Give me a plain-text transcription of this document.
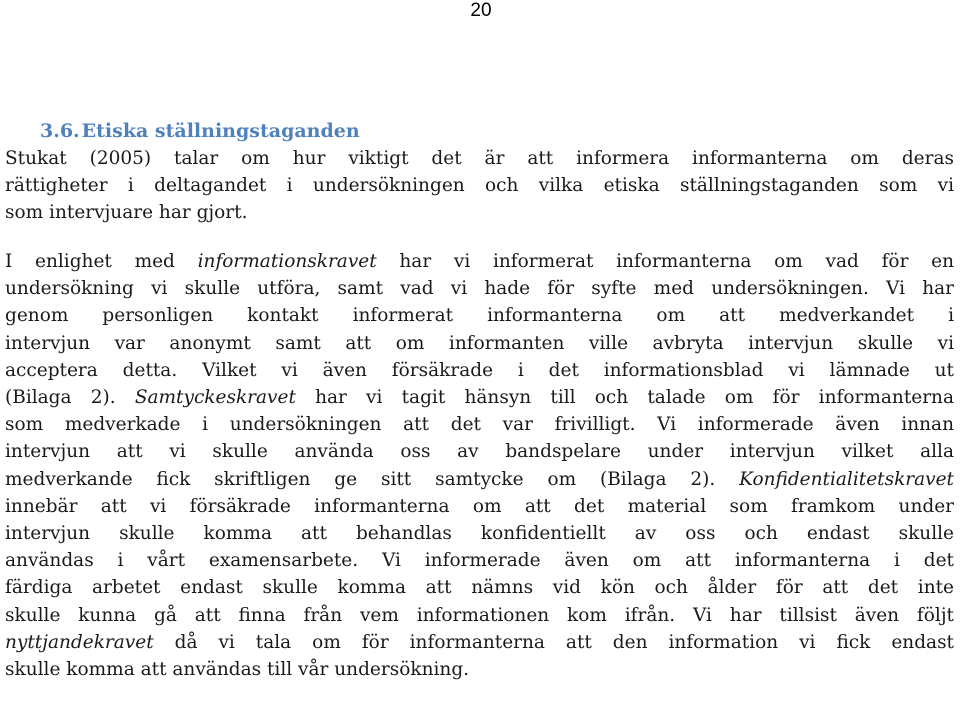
20
3.6. Etiska ställningstaganden
Stukat (2005) talar om hur viktigt det är att informera informanterna om deras
rättigheter i deltagandet i undersökningen och vilka etiska ställningstaganden som vi
som intervjuare har gjort.
I enlighet med informationskravet har vi informerat informanterna om vad för en
undersökning vi skulle utföra, samt vad vi hade för syfte med undersökningen. Vi har
genom personligen kontakt informerat informanterna om att medverkandet i
intervjun var anonymt samt att om informanten ville avbryta intervjun skulle vi
acceptera detta. Vilket vi även försäkrade i det informationsblad vi lämnade ut
(Bilaga 2). Samtyckeskravet har vi tagit hänsyn till och talade om för informanterna
som medverkade i undersökningen att det var frivilligt. Vi informerade även innan
intervjun att vi skulle använda oss av bandspelare under intervjun vilket alla
medverkande fick skriftligen ge sitt samtycke om (Bilaga 2). Konfidentialitetskravet
innebär att vi försäkrade informanterna om att det material som framkom under
intervjun skulle komma att behandlas konfidentiellt av oss och endast skulle
användas i vårt examensarbete. Vi informerade även om att informanterna i det
färdiga arbetet endast skulle komma att nämns vid kön och ålder för att det inte
skulle kunna gå att finna från vem informationen kom ifrån. Vi har tillsist även följt
nyttjandekravet då vi tala om för informanterna att den information vi fick endast
skulle komma att användas till vår undersökning.
